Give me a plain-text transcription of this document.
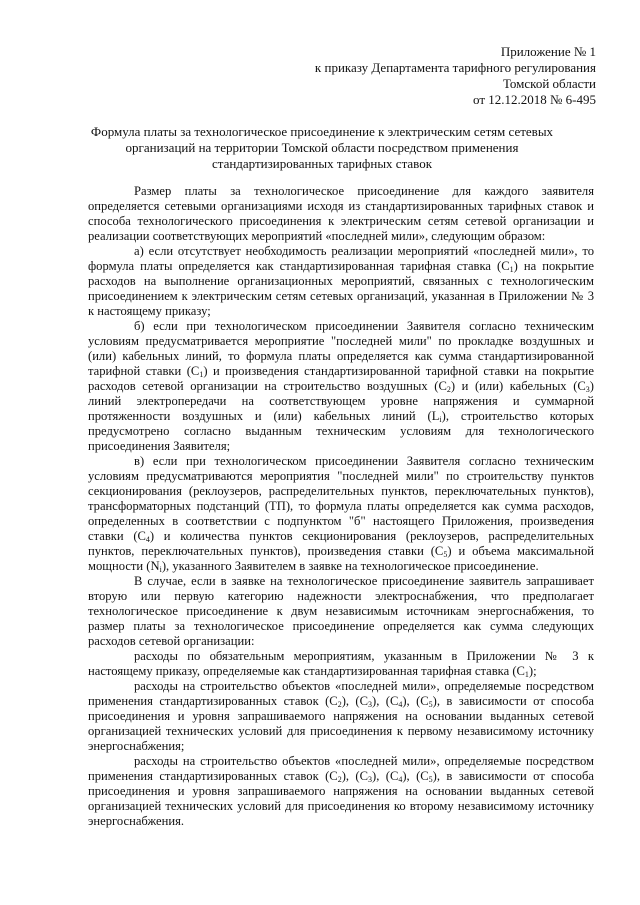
Приложение № 1
к приказу Департамента тарифного регулирования
Томской области
от 12.12.2018 № 6-495
Формула платы за технологическое присоединение к электрическим сетям сетевых
организаций на территории Томской области посредством применения
стандартизированных тарифных ставок

Размер платы за технологическое присоединение для каждого заявителя определяется сетевыми организациями исходя из стандартизированных тарифных ставок и способа технологического присоединения к электрическим сетям сетевой организации и реализации соответствующих мероприятий «последней мили», следующим образом:

а) если отсутствует необходимость реализации мероприятий «последней мили», то формула платы определяется как стандартизированная тарифная ставка $(C_1)$ на покрытие расходов на выполнение организационных мероприятий, связанных с технологическим присоединением к электрическим сетям сетевых организаций, указанная в Приложении № 3 к настоящему приказу;

б) если при технологическом присоединении Заявителя согласно техническим условиям предусматривается мероприятие "последней мили" по прокладке воздушных и (или) кабельных линий, то формула платы определяется как сумма стандартизированной тарифной ставки $(C_1)$ и произведения стандартизированной тарифной ставки на покрытие расходов сетевой организации на строительство воздушных $(C_2)$ и (или) кабельных $(C_3)$ линий электропередачи на соответствующем уровне напряжения и суммарной протяженности воздушных и (или) кабельных линий $(L_i)$, строительство которых предусмотрено согласно выданным техническим условиям для технологического присоединения Заявителя;

в) если при технологическом присоединении Заявителя согласно техническим условиям предусматриваются мероприятия "последней мили" по строительству пунктов секционирования (реклоузеров, распределительных пунктов, переключательных пунктов), трансформаторных подстанций (ТП), то формула платы определяется как сумма расходов, определенных в соответствии с подпунктом "б" настоящего Приложения, произведения ставки $(C_4)$ и количества пунктов секционирования (реклоузеров, распределительных пунктов, переключательных пунктов), произведения ставки $(C_5)$ и объема максимальной мощности $(N_i)$, указанного Заявителем в заявке на технологическое присоединение.

В случае, если в заявке на технологическое присоединение заявитель запрашивает вторую или первую категорию надежности электроснабжения, что предполагает технологическое присоединение к двум независимым источникам энергоснабжения, то размер платы за технологическое присоединение определяется как сумма следующих расходов сетевой организации:

расходы по обязательным мероприятиям, указанным в Приложении № 3 к настоящему приказу, определяемые как стандартизированная тарифная ставка $(C_1)$;

расходы на строительство объектов «последней мили», определяемые посредством применения стандартизированных ставок $(C_2)$, $(C_3)$, $(C_4)$, $(C_5)$, в зависимости от способа присоединения и уровня запрашиваемого напряжения на основании выданных сетевой организацией технических условий для присоединения к первому независимому источнику энергоснабжения;

расходы на строительство объектов «последней мили», определяемые посредством применения стандартизированных ставок $(C_2)$, $(C_3)$, $(C_4)$, $(C_5)$, в зависимости от способа присоединения и уровня запрашиваемого напряжения на основании выданных сетевой организацией технических условий для присоединения ко второму независимому источнику энергоснабжения.
